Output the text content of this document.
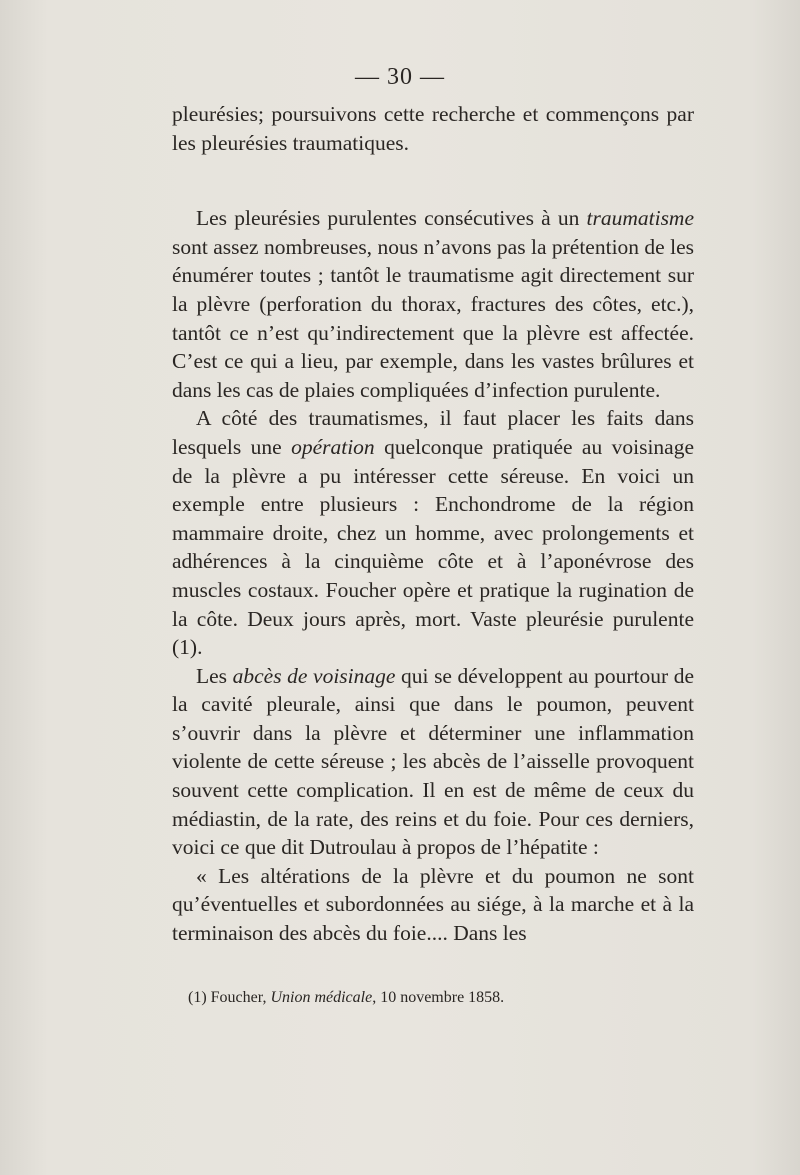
— 30 —

pleurésies; poursuivons cette recherche et commençons par les pleurésies traumatiques.

Les pleurésies purulentes consécutives à un traumatisme sont assez nombreuses, nous n’avons pas la prétention de les énumérer toutes ; tantôt le traumatisme agit directement sur la plèvre (perforation du thorax, fractures des côtes, etc.), tantôt ce n’est qu’indirectement que la plèvre est affectée. C’est ce qui a lieu, par exemple, dans les vastes brûlures et dans les cas de plaies compliquées d’infection purulente.

A côté des traumatismes, il faut placer les faits dans lesquels une opération quelconque pratiquée au voisinage de la plèvre a pu intéresser cette séreuse. En voici un exemple entre plusieurs : Enchondrome de la région mammaire droite, chez un homme, avec prolongements et adhérences à la cinquième côte et à l’aponévrose des muscles costaux. Foucher opère et pratique la rugination de la côte. Deux jours après, mort. Vaste pleurésie purulente (1).

Les abcès de voisinage qui se développent au pourtour de la cavité pleurale, ainsi que dans le poumon, peuvent s’ouvrir dans la plèvre et déterminer une inflammation violente de cette séreuse ; les abcès de l’aisselle provoquent souvent cette complication. Il en est de même de ceux du médiastin, de la rate, des reins et du foie. Pour ces derniers, voici ce que dit Dutroulau à propos de l’hépatite :

« Les altérations de la plèvre et du poumon ne sont qu’éventuelles et subordonnées au siége, à la marche et à la terminaison des abcès du foie.... Dans les

(1) Foucher, Union médicale, 10 novembre 1858.
